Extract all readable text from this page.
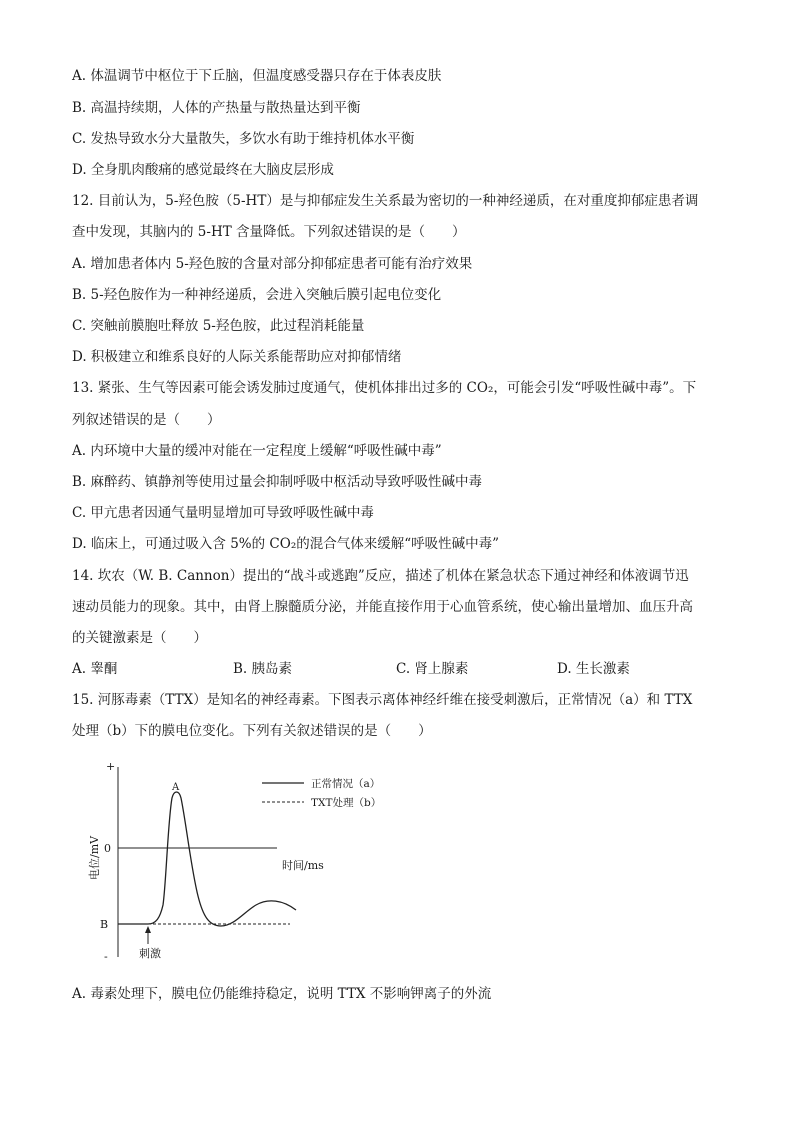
A. 体温调节中枢位于下丘脑，但温度感受器只存在于体表皮肤
B. 高温持续期，人体的产热量与散热量达到平衡
C. 发热导致水分大量散失，多饮水有助于维持机体水平衡
D. 全身肌肉酸痛的感觉最终在大脑皮层形成
12. 目前认为，5-羟色胺（5-HT）是与抑郁症发生关系最为密切的一种神经递质，在对重度抑郁症患者调
查中发现，其脑内的 5-HT 含量降低。下列叙述错误的是（　　）
A. 增加患者体内 5-羟色胺的含量对部分抑郁症患者可能有治疗效果
B. 5-羟色胺作为一种神经递质，会进入突触后膜引起电位变化
C. 突触前膜胞吐释放 5-羟色胺，此过程消耗能量
D. 积极建立和维系良好的人际关系能帮助应对抑郁情绪
13. 紧张、生气等因素可能会诱发肺过度通气，使机体排出过多的 CO₂，可能会引发“呼吸性碱中毒”。下
列叙述错误的是（　　）
A. 内环境中大量的缓冲对能在一定程度上缓解“呼吸性碱中毒”
B. 麻醉药、镇静剂等使用过量会抑制呼吸中枢活动导致呼吸性碱中毒
C. 甲亢患者因通气量明显增加可导致呼吸性碱中毒
D. 临床上，可通过吸入含 5%的 CO₂的混合气体来缓解“呼吸性碱中毒”
14. 坎农（W. B. Cannon）提出的“战斗或逃跑”反应，描述了机体在紧急状态下通过神经和体液调节迅
速动员能力的现象。其中，由肾上腺髓质分泌，并能直接作用于心血管系统，使心输出量增加、血压升高
的关键激素是（　　）
A. 睾酮	B. 胰岛素	C. 肾上腺素	D. 生长激素
15. 河豚毒素（TTX）是知名的神经毒素。下图表示离体神经纤维在接受刺激后，正常情况（a）和 TTX
处理（b）下的膜电位变化。下列有关叙述错误的是（　　）
+
-
电位/mV 0
时间/ms
B
A
刺激
正常情况（a）
TXT处理（b）
A. 毒素处理下，膜电位仍能维持稳定，说明 TTX 不影响钾离子的外流
